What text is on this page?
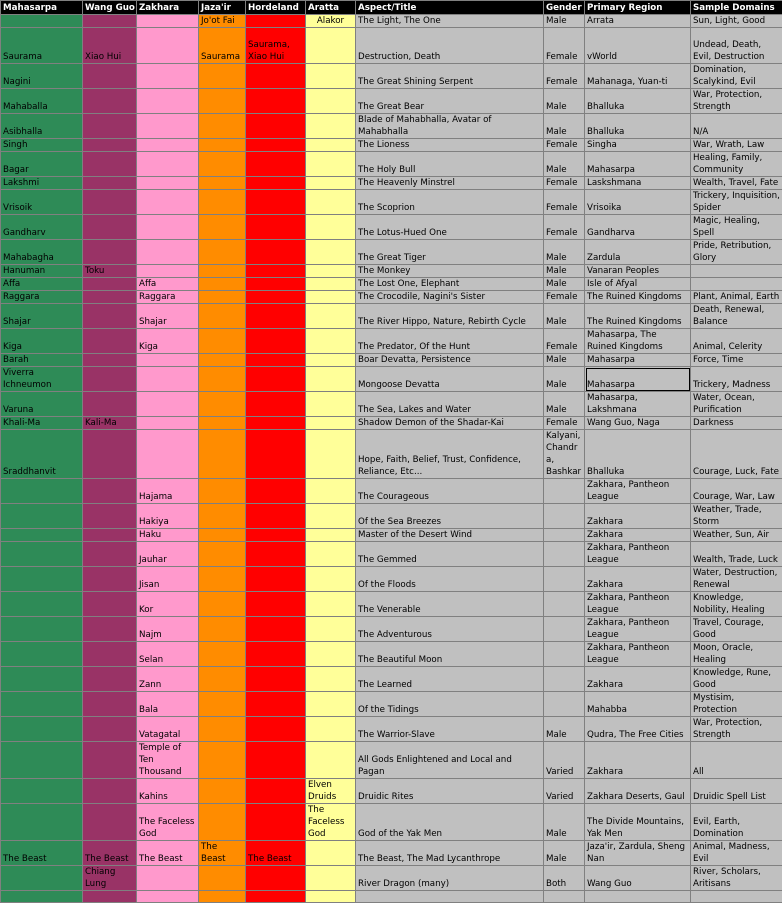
Mahasarpa	Wang Guo	Zakhara	Jaza'ir	Hordeland	Aratta	Aspect/Title	Gender	Primary Region	Sample Domains
			Jo'ot Fai		Alakor	The Light, The One	Male	Arrata	Sun, Light, Good
Saurama	Xiao Hui		Saurama	Saurama, Xiao Hui		Destruction, Death	Female	vWorld	Undead, Death, Evil, Destruction
Nagini						The Great Shining Serpent	Female	Mahanaga, Yuan-ti	Domination, Scalykind, Evil
Mahaballa						The Great Bear	Male	Bhalluka	War, Protection, Strength
Asibhalla						Blade of Mahabhalla, Avatar of Mahabhalla	Male	Bhalluka	N/A
Singh						The Lioness	Female	Singha	War, Wrath, Law
Bagar						The Holy Bull	Male	Mahasarpa	Healing, Family, Community
Lakshmi						The Heavenly Minstrel	Female	Laskshmana	Wealth, Travel, Fate
Vrisoik						The Scoprion	Female	Vrisoika	Trickery, Inquisition, Spider
Gandharv						The Lotus-Hued One	Female	Gandharva	Magic, Healing, Spell
Mahabagha						The Great Tiger	Male	Zardula	Pride, Retribution, Glory
Hanuman	Toku					The Monkey	Male	Vanaran Peoples	
Affa		Affa				The Lost One, Elephant	Male	Isle of Afyal	
Raggara		Raggara				The Crocodile, Nagini's Sister	Female	The Ruined Kingdoms	Plant, Animal, Earth
Shajar		Shajar				The River Hippo, Nature, Rebirth Cycle	Male	The Ruined Kingdoms	Death, Renewal, Balance
Kiga		Kiga				The Predator, Of the Hunt	Female	Mahasarpa, The Ruined Kingdoms	Animal, Celerity
Barah						Boar Devatta, Persistence	Male	Mahasarpa	Force, Time
Viverra Ichneumon						Mongoose Devatta	Male	Mahasarpa	Trickery, Madness
Varuna						The Sea, Lakes and Water	Male	Mahasarpa, Lakshmana	Water, Ocean, Purification
Khali-Ma	Kali-Ma					Shadow Demon of the Shadar-Kai	Female	Wang Guo, Naga	Darkness
Sraddhanvit						Hope, Faith, Belief, Trust, Confidence, Reliance, Etc...	Kalyani, Chandra, Bashkar	Bhalluka	Courage, Luck, Fate
		Hajama				The Courageous		Zakhara, Pantheon League	Courage, War, Law
		Hakiya				Of the Sea Breezes		Zakhara	Weather, Trade, Storm
		Haku				Master of the Desert Wind		Zakhara	Weather, Sun, Air
		Jauhar				The Gemmed		Zakhara, Pantheon League	Wealth, Trade, Luck
		Jisan				Of the Floods		Zakhara	Water, Destruction, Renewal
		Kor				The Venerable		Zakhara, Pantheon League	Knowledge, Nobility, Healing
		Najm				The Adventurous		Zakhara, Pantheon League	Travel, Courage, Good
		Selan				The Beautiful Moon		Zakhara, Pantheon League	Moon, Oracle, Healing
		Zann				The Learned		Zakhara	Knowledge, Rune, Good
		Bala				Of the Tidings		Mahabba	Mystisim, Protection
		Vatagatal				The Warrior-Slave	Male	Qudra, The Free Cities	War, Protection, Strength
		Temple of Ten Thousand				All Gods Enlightened and Local and Pagan	Varied	Zakhara	All
		Kahins			Elven Druids	Druidic Rites	Varied	Zakhara Deserts, Gaul	Druidic Spell List
		The Faceless God			The Faceless God	God of the Yak Men	Male	The Divide Mountains, Yak Men	Evil, Earth, Domination
The Beast	The Beast	The Beast	The Beast	The Beast		The Beast, The Mad Lycanthrope	Male	Jaza'ir, Zardula, Sheng Nan	Animal, Madness, Evil
	Chiang Lung					River Dragon (many)	Both	Wang Guo	River, Scholars, Aritisans
